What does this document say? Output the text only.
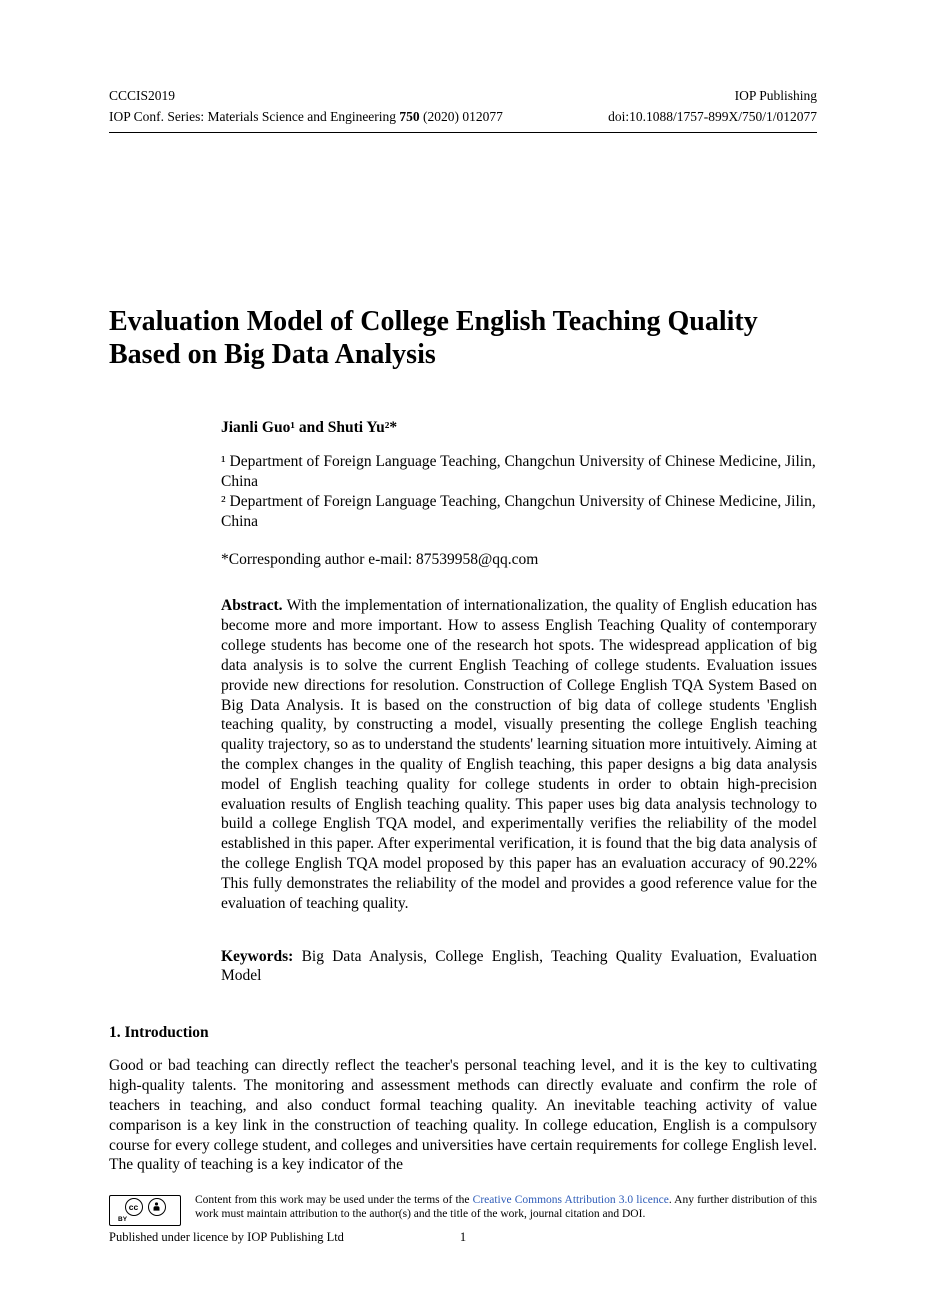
CCCIS2019	IOP Publishing
IOP Conf. Series: Materials Science and Engineering 750 (2020) 012077	doi:10.1088/1757-899X/750/1/012077
Evaluation Model of College English Teaching Quality Based on Big Data Analysis

Jianli Guo¹ and Shuti Yu²*

¹ Department of Foreign Language Teaching, Changchun University of Chinese Medicine, Jilin, China

² Department of Foreign Language Teaching, Changchun University of Chinese Medicine, Jilin, China

*Corresponding author e-mail: 87539958@qq.com

Abstract. With the implementation of internationalization, the quality of English education has become more and more important. How to assess English Teaching Quality of contemporary college students has become one of the research hot spots. The widespread application of big data analysis is to solve the current English Teaching of college students. Evaluation issues provide new directions for resolution. Construction of College English TQA System Based on Big Data Analysis. It is based on the construction of big data of college students 'English teaching quality, by constructing a model, visually presenting the college English teaching quality trajectory, so as to understand the students' learning situation more intuitively. Aiming at the complex changes in the quality of English teaching, this paper designs a big data analysis model of English teaching quality for college students in order to obtain high-precision evaluation results of English teaching quality. This paper uses big data analysis technology to build a college English TQA model, and experimentally verifies the reliability of the model established in this paper. After experimental verification, it is found that the big data analysis of the college English TQA model proposed by this paper has an evaluation accuracy of 90.22% This fully demonstrates the reliability of the model and provides a good reference value for the evaluation of teaching quality.

Keywords: Big Data Analysis, College English, Teaching Quality Evaluation, Evaluation Model

1. Introduction

Good or bad teaching can directly reflect the teacher's personal teaching level, and it is the key to cultivating high-quality talents. The monitoring and assessment methods can directly evaluate and confirm the role of teachers in teaching, and also conduct formal teaching quality. An inevitable teaching activity of value comparison is a key link in the construction of teaching quality. In college education, English is a compulsory course for every college student, and colleges and universities have certain requirements for college English level. The quality of teaching is a key indicator of the

cc
BY

Content from this work may be used under the terms of the Creative Commons Attribution 3.0 licence. Any further distribution of this work must maintain attribution to the author(s) and the title of the work, journal citation and DOI.

Published under licence by IOP Publishing Ltd	1
